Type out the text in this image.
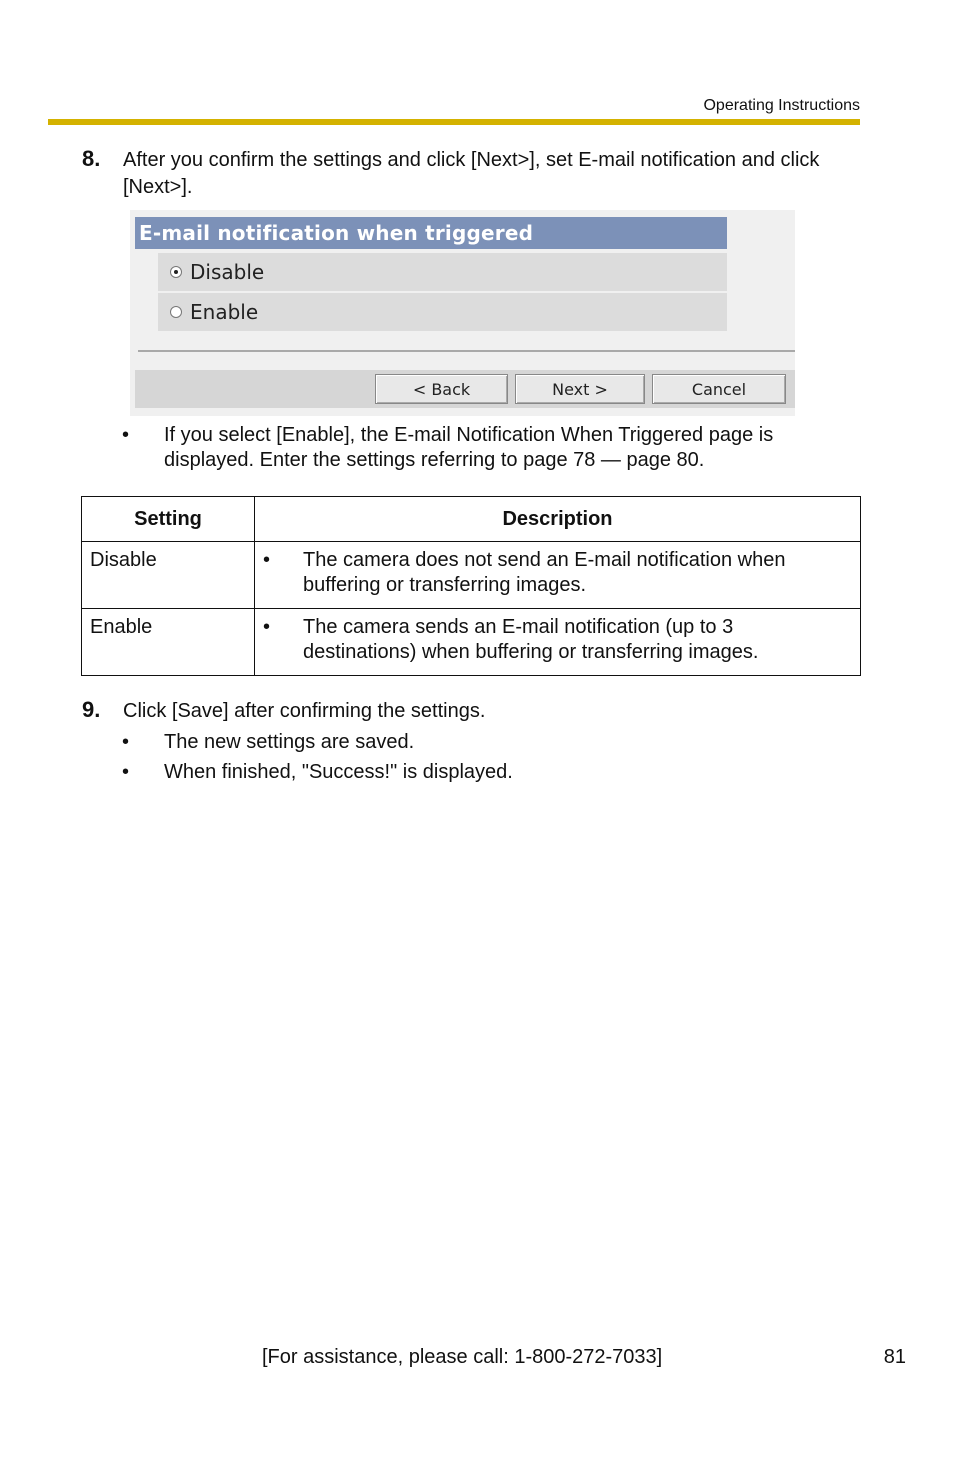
Operating Instructions
8. After you confirm the settings and click [Next>], set E-mail notification and click
[Next>].
E-mail notification when triggered
Disable
Enable
< Back	Next >	Cancel
• If you select [Enable], the E-mail Notification When Triggered page is
displayed. Enter the settings referring to page 78 — page 80.
Setting	Description
Disable	• The camera does not send an E-mail notification when
buffering or transferring images.
Enable	• The camera sends an E-mail notification (up to 3
destinations) when buffering or transferring images.
9. Click [Save] after confirming the settings.
• The new settings are saved.
• When finished, "Success!" is displayed.
[For assistance, please call: 1-800-272-7033]	81
